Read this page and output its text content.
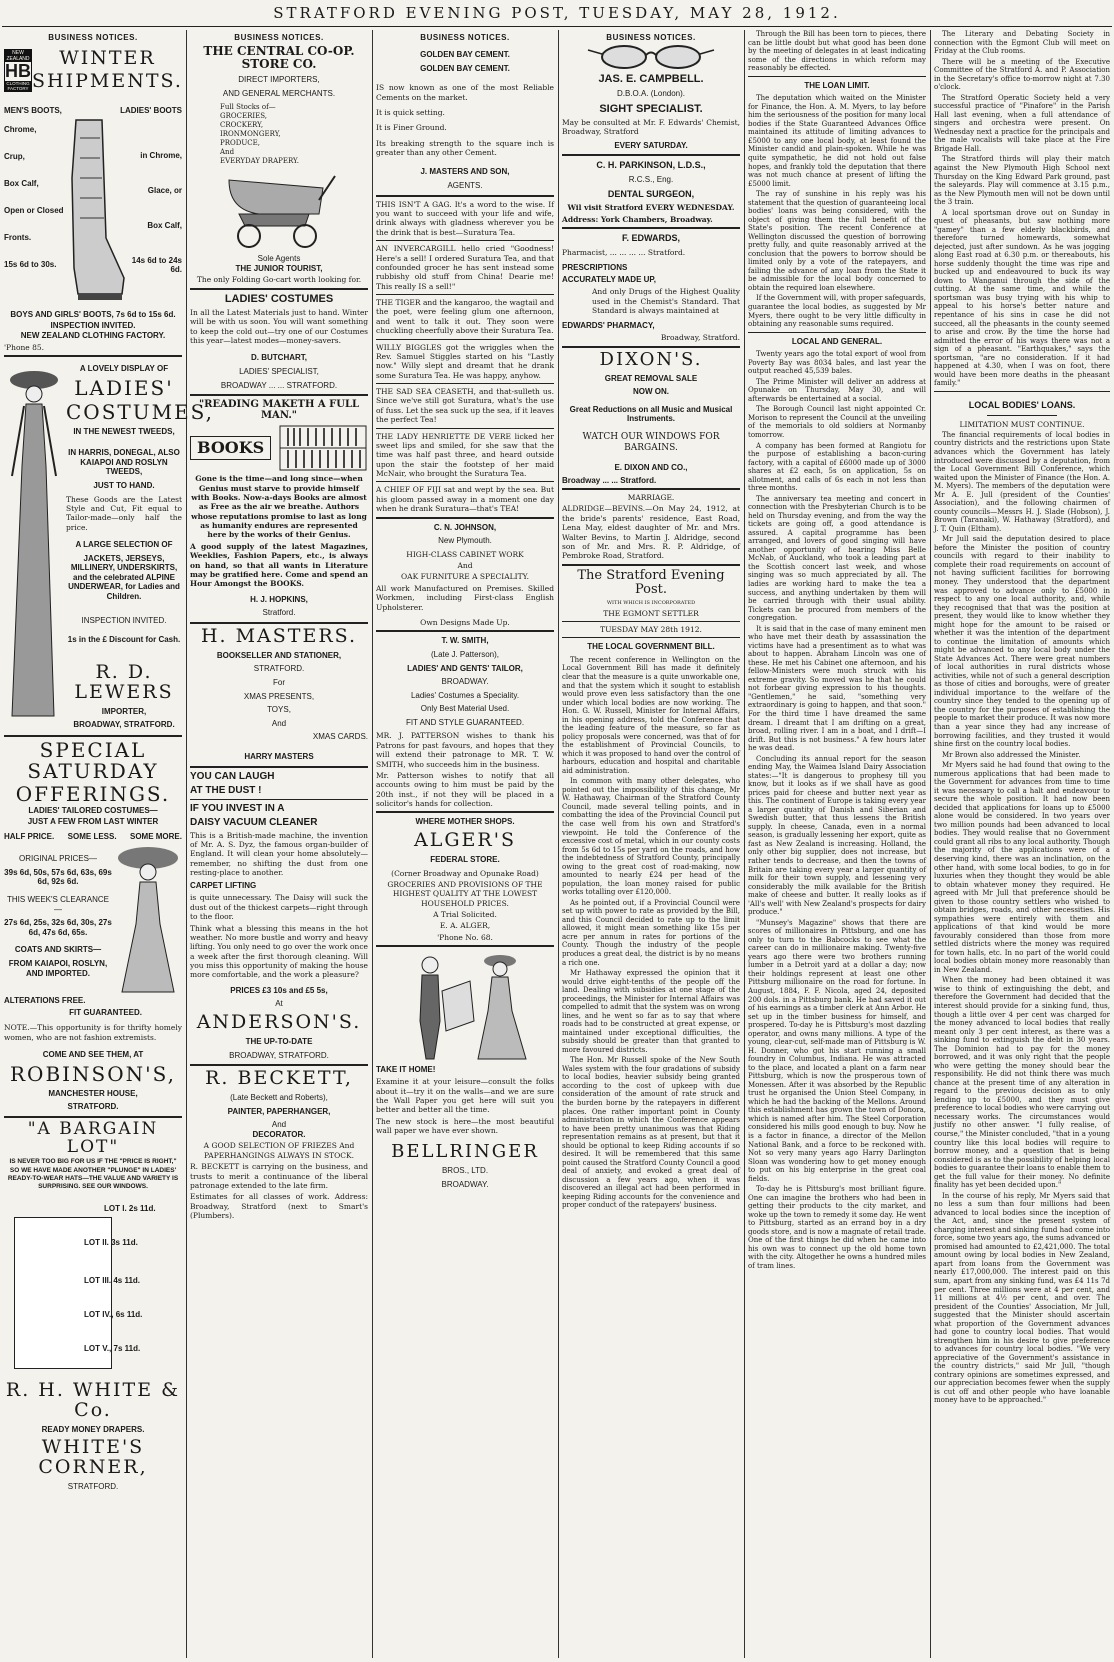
STRATFORD EVENING POST, TUESDAY, MAY 28, 1912.
BUSINESS NOTICES.
NEW ZEALAND
HB
CLOTHING FACTORY
WINTER
SHIPMENTS.
MEN'S BOOTS,	LADIES' BOOTS
Chrome,
Crup,
Box Calf,
Open or Closed
Fronts.
15s 6d to 30s.
in Chrome,
Glace, or
Box Calf,
14s 6d to 24s 6d.
BOYS AND GIRLS' BOOTS, 7s 6d to 15s 6d.
INSPECTION INVITED.
NEW ZEALAND CLOTHING FACTORY.
'Phone 85.
A LOVELY DISPLAY OF
LADIES'
COSTUMES,
IN THE NEWEST TWEEDS,
IN HARRIS, DONEGAL, ALSO KAIAPOI AND ROSLYN TWEEDS,
JUST TO HAND.
These Goods are the Latest Style and Cut, Fit equal to Tailor-made—only half the price.
A LARGE SELECTION OF
JACKETS, JERSEYS, MILLINERY, UNDERSKIRTS, and the celebrated ALPINE UNDERWEAR, for Ladies and Children.
INSPECTION INVITED.
1s in the £ Discount for Cash.
R. D. LEWERS
IMPORTER,
BROADWAY, STRATFORD.
SPECIAL SATURDAY
OFFERINGS.
LADIES' TAILORED COSTUMES—
JUST A FEW FROM LAST WINTER
HALF PRICE. SOME LESS. SOME MORE.
ORIGINAL PRICES—
39s 6d, 50s, 57s 6d, 63s, 69s 6d, 92s 6d.
THIS WEEK'S CLEARANCE—
27s 6d, 25s, 32s 6d, 30s, 27s 6d, 47s 6d, 65s.
COATS AND SKIRTS—
FROM KAIAPOI, ROSLYN, AND IMPORTED.
ALTERATIONS FREE.
FIT GUARANTEED.
NOTE.—This opportunity is for thrifty homely women, who are not fashion extremists.
COME AND SEE THEM, AT
ROBINSON'S,
MANCHESTER HOUSE,
STRATFORD.
"A BARGAIN LOT"
IS NEVER TOO BIG FOR US IF THE "PRICE IS RIGHT," SO WE HAVE MADE ANOTHER "PLUNGE" IN LADIES' READY-TO-WEAR HATS—THE VALUE AND VARIETY IS SURPRISING. SEE OUR WINDOWS.
LOT I. 2s 11d.
LOT II. 3s 11d.
LOT III. 4s 11d.
LOT IV., 6s 11d.
LOT V., 7s 11d.
R. H. WHITE & Co.
READY MONEY DRAPERS.
WHITE'S CORNER,
STRATFORD.
BUSINESS NOTICES.
THE CENTRAL CO-OP. STORE CO.
DIRECT IMPORTERS,
AND GENERAL MERCHANTS.
Full Stocks of—
GROCERIES,
CROCKERY,
IRONMONGERY,
PRODUCE,
And
EVERYDAY DRAPERY.
Sole Agents
THE JUNIOR TOURIST,
The only Folding Go-cart worth looking for.
LADIES' COSTUMES
In all the Latest Materials just to hand. Winter will be with us soon. You will want something to keep the cold out—try one of our Costumes this year—latest modes—money-savers.
D. BUTCHART,
LADIES' SPECIALIST,
BROADWAY ... ... STRATFORD.
"READING MAKETH A FULL MAN."
BOOKS
Gone is the time—and long since—when Genius must starve to provide himself with Books. Now-a-days Books are almost as Free as the air we breathe. Authors whose reputations promise to last as long as humanity endures are represented here by the works of their Genius.
A good supply of the latest Magazines, Weeklies, Fashion Papers, etc., is always on hand, so that all wants in Literature may be gratified here. Come and spend an Hour Amongst the BOOKS.
H. J. HOPKINS,
Stratford.
H. MASTERS.
BOOKSELLER AND STATIONER,
STRATFORD.
For
XMAS PRESENTS,
TOYS,
And
XMAS CARDS.
HARRY MASTERS
YOU CAN LAUGH
AT THE DUST !
IF YOU INVEST IN A
DAISY VACUUM CLEANER
This is a British-made machine, the invention of Mr. A. S. Dyz, the famous organ-builder of England. It will clean your home absolutely—remember, no shifting the dust from one resting-place to another.
CARPET LIFTING
is quite unnecessary. The Daisy will suck the dust out of the thickest carpets—right through to the floor.
Think what a blessing this means in the hot weather. No more bustle and worry and heavy lifting. You only need to go over the work once a week after the first thorough cleaning. Will you miss this opportunity of making the house more comfortable, and the work a pleasure?
PRICES £3 10s and £5 5s,
At
ANDERSON'S.
THE UP-TO-DATE
BROADWAY, STRATFORD.
R. BECKETT,
(Late Beckett and Roberts),
PAINTER, PAPERHANGER,
And
DECORATOR.
A GOOD SELECTION OF FRIEZES And PAPERHANGINGS ALWAYS IN STOCK.
R. BECKETT is carrying on the business, and trusts to merit a continuance of the liberal patronage extended to the late firm.
Estimates for all classes of work. Address: Broadway, Stratford (next to Smart's (Plumbers).
BUSINESS NOTICES.
GOLDEN BAY CEMENT.
GOLDEN BAY CEMENT.
IS now known as one of the most Reliable Cements on the market.
It is quick setting.
It is Finer Ground.
Its breaking strength to the square inch is greater than any other Cement.
J. MASTERS AND SON,
AGENTS.
THIS ISN'T A GAG. It's a word to the wise. If you want to succeed with your life and wife, drink always with gladness wherever you be the drink that is best—Suratura Tea.
AN INVERCARGILL hello cried "Goodness! Here's a sell! I ordered Suratura Tea, and that confounded grocer he has sent instead some rubbishy old stuff from China! Dearie me! This really IS a sell!"
THE TIGER and the kangaroo, the wagtail and the poet, were feeling glum one afternoon, and went to talk it out. They soon were chuckling cheerfully above their Suratura Tea.
WILLY BIGGLES got the wriggles when the Rev. Samuel Stiggles started on his "Lastly now." Willy slept and dreamt that he drank some Suratura Tea. He was happy, anyhow.
THE SAD SEA CEASETH, and that-sulleth us. Since we've still got Suratura, what's the use of fuss. Let the sea suck up the sea, if it leaves the perfect Tea!
THE LADY HENRIETTE DE VERE licked her sweet lips and smiled, for she saw that the time was half past three, and heard outside upon the stair the footstep of her maid McNair, who brought the Suratura Tea.
A CHIEF OF FIJI sat and wept by the sea. But his gloom passed away in a moment one day when he drank Suratura—that's TEA!
C. N. JOHNSON,
New Plymouth.
HIGH-CLASS CABINET WORK
And
OAK FURNITURE A SPECIALITY.
All work Manufactured on Premises. Skilled Workmen, including First-class English Upholsterer.
Own Designs Made Up.
T. W. SMITH,
(Late J. Patterson),
LADIES' AND GENTS' TAILOR,
BROADWAY.
Ladies' Costumes a Speciality.
Only Best Material Used.
FIT AND STYLE GUARANTEED.
MR. J. PATTERSON wishes to thank his Patrons for past favours, and hopes that they will extend their patronage to MR. T. W. SMITH, who succeeds him in the business.
Mr. Patterson wishes to notify that all accounts owing to him must be paid by the 20th inst., if not they will be placed in a solicitor's hands for collection.
WHERE MOTHER SHOPS.
ALGER'S
FEDERAL STORE.
(Corner Broadway and Opunake Road)
GROCERIES AND PROVISIONS OF THE HIGHEST QUALITY AT THE LOWEST HOUSEHOLD PRICES.
A Trial Solicited.
E. A. ALGER,
'Phone No. 68.
TAKE IT HOME!
Examine it at your leisure—consult the folks about it—try it on the walls—and we are sure the Wall Paper you get here will suit you better and better all the time.
The new stock is here—the most beautiful wall paper we have ever shown.
BELLRINGER
BROS., LTD.
BROADWAY.
BUSINESS NOTICES.
JAS. E. CAMPBELL.
D.B.O.A. (London).
SIGHT SPECIALIST.
May be consulted at Mr. F. Edwards' Chemist, Broadway, Stratford
EVERY SATURDAY.
C. H. PARKINSON, L.D.S.,
R.C.S., Eng.
DENTAL SURGEON,
Wil visit Stratford EVERY WEDNESDAY.
Address: York Chambers, Broadway.
F. EDWARDS,
Pharmacist, ... ... ... ... Stratford.
PRESCRIPTIONS
ACCURATELY MADE UP,
And only Drugs of the Highest Quality used in the Chemist's Standard. That Standard is always maintained at
EDWARDS' PHARMACY,
Broadway, Stratford.
DIXON'S.
GREAT REMOVAL SALE
NOW ON.
Great Reductions on all Music and Musical Instruments.
WATCH OUR WINDOWS FOR BARGAINS.
E. DIXON AND CO.,
Broadway ... ... Stratford.
MARRIAGE.
ALDRIDGE—BEVINS.—On May 24, 1912, at the bride's parents' residence, East Road, Lena May, eldest daughter of Mr. and Mrs. Walter Bevins, to Martin J. Aldridge, second son of Mr. and Mrs. R. P. Aldridge, of Pembroke Road, Stratford.
The Stratford Evening Post.
WITH WHICH IS INCORPORATED
THE EGMONT SETTLER
TUESDAY MAY 28th 1912.
THE LOCAL GOVERNMENT BILL.
The recent conference in Wellington on the Local Government Bill has made it definitely clear that the measure is a quite unworkable one, and that the system which it sought to establish would prove even less satisfactory than the one under which local bodies are now working. The Hon. G. W. Russell, Minister for Internal Affairs, in his opening address, told the Conference that the leading feature of the measure, so far as policy proposals were concerned, was that of for the establishment of Provincial Councils, to which it was proposed to hand over the control of harbours, education and hospital and charitable aid administration.
In common with many other delegates, who pointed out the impossibility of this change, Mr W. Hathaway, Chairman of the Stratford County Council, made several telling points, and in combatting the idea of the Provincial Council put the case well from his own and Stratford's viewpoint. He told the Conference of the excessive cost of metal, which in our county costs from 5s 6d to 15s per yard on the roads, and how the indebtedness of Stratford County, principally owing to the great cost of road-making, now amounted to nearly £24 per head of the population, the loan money raised for public works totalling over £120,000.
As he pointed out, if a Provincial Council were set up with power to rate as provided by the Bill, and this Council decided to rate up to the limit allowed, it might mean something like 15s per acre per annum in rates for portions of the County. Though the industry of the people produces a great deal, the district is by no means a rich one.
Mr Hathaway expressed the opinion that it would drive eight-tenths of the people off the land. Dealing with subsidies at one stage of the proceedings, the Minister for Internal Affairs was compelled to admit that the system was on wrong lines, and he went so far as to say that where roads had to be constructed at great expense, or maintained under exceptional difficulties, the subsidy should be greater than that granted to more favoured districts.
The Hon. Mr Russell spoke of the New South Wales system with the four gradations of subsidy to local bodies, heavier subsidy being granted according to the cost of upkeep with due consideration of the amount of rate struck and the burden borne by the ratepayers in different places. One rather important point in County administration in which the Conference appears to have been pretty unanimous was that Riding representation remains as at present, but that it should be optional to keep Riding accounts if so desired. It will be remembered that this same point caused the Stratford County Council a good deal of anxiety, and evoked a great deal of discussion a few years ago, when it was discovered an illegal act had been performed in keeping Riding accounts for the convenience and proper conduct of the ratepayers' business.
Through the Bill has been torn to pieces, there can be little doubt but what good has been done by the meeting of delegates in at least indicating some of the directions in which reform may reasonably be effected.
THE LOAN LIMIT.
The deputation which waited on the Minister for Finance, the Hon. A. M. Myers, to lay before him the seriousness of the position for many local bodies if the State Guaranteed Advances Office maintained its attitude of limiting advances to £5000 to any one local body, at least found the Minister candid and plain-spoken. While he was quite sympathetic, he did not hold out false hopes, and frankly told the deputation that there was not much chance at present of lifting the £5000 limit.
The ray of sunshine in his reply was his statement that the question of guaranteeing local bodies' loans was being considered, with the object of giving them the full benefit of the State's position. The recent Conference at Wellington discussed the question of borrowing pretty fully, and quite reasonably arrived at the conclusion that the powers to borrow should be limited only by a vote of the ratepayers, and failing the advance of any loan from the State it be admissible for the local body concerned to obtain the required loan elsewhere.
If the Government will, with proper safeguards, guarantee the local bodies, as suggested by Mr Myers, there ought to be very little difficulty in obtaining any reasonable sums required.
LOCAL AND GENERAL.
Twenty years ago the total export of wool from Poverty Bay was 8034 bales, and last year the output reached 45,539 bales.
The Prime Minister will deliver an address at Opunake on Thursday, May 30, and will afterwards be entertained at a social.
The Borough Council last night appointed Cr. Morison to represent the Council at the unveiling of the memorials to old soldiers at Normanby tomorrow.
A company has been formed at Rangiotu for the purpose of establishing a bacon-curing factory, with a capital of £6000 made up of 3000 shares at £2 each, 5s on application, 5s on allotment, and calls of 6s each in not less than three months.
The anniversary tea meeting and concert in connection with the Presbyterian Church is to be held on Thursday evening, and from the way the tickets are going off, a good attendance is assured. A capital programme has been arranged, and lovers of good singing will have another opportunity of hearing Miss Belle McNab, of Auckland, who took a leading part at the Scottish concert last week, and whose singing was so much appreciated by all. The ladies are working hard to make the tea a success, and anything undertaken by them will be carried through with their usual ability. Tickets can be procured from members of the congregation.
It is said that in the case of many eminent men who have met their death by assassination the victims have had a presentiment as to what was about to happen. Abraham Lincoln was one of these. He met his Cabinet one afternoon, and his fellow-Ministers were much struck with his extreme gravity. So moved was he that he could not forbear giving expression to his thoughts. "Gentlemen," he said, "something very extraordinary is going to happen, and that soon." For the third time I have dreamed the same dream. I dreamt that I am drifting on a great, broad, rolling river. I am in a boat, and I drift—I drift. But this is not business." A few hours later he was dead.
Concluding its annual report for the season ending May, the Waimea Island Dairy Association states:—"It is dangerous to prophesy till you know, but it looks as if we shall have as good prices paid for cheese and butter next year as this. The continent of Europe is taking every year a larger quantity of Danish and Siberian and Swedish butter, that thus lessens the British supply. In cheese, Canada, even in a normal season, is gradually lessening her export, quite as fast as New Zealand is increasing. Holland, the only other big supplier, does not increase, but rather tends to decrease, and then the towns of Britain are taking every year a larger quantity of milk for their town supply, and lessening very considerably the milk available for the British make of cheese and butter. It really looks as if 'All's well' with New Zealand's prospects for dairy produce."
"Munsey's Magazine" shows that there are scores of millionaires in Pittsburg, and one has only to turn to the Babcocks to see what the career can do in millionaire making. Twenty-five years ago there were two brothers running lumber in a Detroit yard at a dollar a day; now their holdings represent at least one other Pittsburg millionaire on the road for fortune. In August, 1884, F. F. Nicola, aged 24, deposited 200 dols. in a Pittsburg bank. He had saved it out of his earnings as a timber clerk at Ann Arbor. He set up in the timber business for himself, and prospered. To-day he is Pittsburg's most dazzling operator, and owns many millions. A type of the young, clear-cut, self-made man of Pittsburg is W. H. Donner, who got his start running a small foundry in Columbus, Indiana. He was attracted to the place, and located a plant on a farm near Pittsburg, which is now the prosperous town of Monessen. After it was absorbed by the Republic trust he organised the Union Steel Company, in which he had the backing of the Mellons. Around this establishment has grown the town of Donora, which is named after him. The Steel Corporation considered his mills good enough to buy. Now he is a factor in finance, a director of the Mellon National Bank, and a force to be reckoned with. Not so very many years ago Harry Darlington Sloan was wondering how to get money enough to put on his big enterprise in the great coal fields.
To-day he is Pittsburg's most brilliant figure. One can imagine the brothers who had been in getting their products to the city market, and woke up the town to remedy it some day. He went to Pittsburg, started as an errand boy in a dry goods store, and is now a magnate of retail trade. One of the first things he did when he came into his own was to connect up the old home town with the city. Altogether he owns a hundred miles of tram lines.
The Literary and Debating Society in connection with the Egmont Club will meet on Friday at the Club rooms.
There will be a meeting of the Executive Committee of the Stratford A. and P. Association in the Secretary's office to-morrow night at 7.30 o'clock.
The Stratford Operatic Society held a very successful practice of "Pinafore" in the Parish Hall last evening, when a full attendance of singers and orchestra were present. On Wednesday next a practice for the principals and the male vocalists will take place at the Fire Brigade Hall.
The Stratford thirds will play their match against the New Plymouth High School next Thursday on the King Edward Park ground, past the saleyards. Play will commence at 3.15 p.m., as the New Plymouth men will not be down until the 3 train.
A local sportsman drove out on Sunday in quest of pheasants, but saw nothing more "gamey" than a few elderly blackbirds, and therefore turned homewards, somewhat dejected, just after sundown. As he was jogging along East road at 6.30 p.m. or thereabouts, his horse suddenly thought the time was ripe and bucked up and endeavoured to buck its way down to Wanganui through the side of the cutting. At the same time, and while the sportsman was busy trying with his whip to appeal to his horse's better nature and repentance of his sins in case he did not succeed, all the pheasants in the county seemed to arise and crow. By the time the horse had admitted the error of his ways there was not a sign of a pheasant. "Earthquakes," says the sportsman, "are no consideration. If it had happened at 4.30, when I was on foot, there would have been more deaths in the pheasant family."
LOCAL BODIES' LOANS.
LIMITATION MUST CONTINUE.
The financial requirements of local bodies in country districts and the restrictions upon State advances which the Government has lately introduced were discussed by a deputation, from the Local Government Bill Conference, which waited upon the Minister of Finance (the Hon. A. M. Myers). The members of the deputation were Mr A. E. Jull (president of the Counties' Association), and the following chairmen of county councils—Messrs H. J. Slade (Hobson), J. Brown (Taranaki), W. Hathaway (Stratford), and J. T. Quin (Eltham).
Mr Jull said the deputation desired to place before the Minister the position of country councils with regard to their inability to complete their road requirements on account of not having sufficient facilities for borrowing money. They understood that the department was approved to advance only to £5000 in respect to any one local authority, and, while they recognised that that was the position at present, they would like to know whether they might hope for the amount to be raised or whether it was the intention of the department to continue the limitation of amounts which might be advanced to any local body under the State Advances Act. There were great numbers of local authorities in rural districts whose activities, while not of such a general description as those of cities and boroughs, were of greater individual importance to the welfare of the country since they tended to the opening up of the country for the purposes of establishing the people to market their produce. It was now more than a year since they had any increase of borrowing facilities, and they trusted it would shine first on the country local bodies.
Mr Brown also addressed the Minister.
Mr Myers said he had found that owing to the numerous applications that had been made to the Government for advances from time to time it was necessary to call a halt and endeavour to secure the whole position. It had now been decided that applications for loans up to £5000 alone would be considered. In two years over two million pounds had been advanced to local bodies. They would realise that no Government could grant all ribs to any local authority. Though the majority of the applications were of a deserving kind, there was an inclination, on the other hand, with some local bodies, to go in for luxuries when they thought they would be able to obtain whatever money they required. He agreed with Mr Jull that preference should be given to those country settlers who wished to obtain bridges, roads, and other necessities. His sympathies were entirely with them and applications of that kind would be more favourably considered than those from more settled districts where the money was required for town halls, etc. In no part of the world could local bodies obtain money more reasonably than in New Zealand.
When the money had been obtained it was wise to think of extinguishing the debt, and therefore the Government had decided that the interest should provide for a sinking fund, thus, though a little over 4 per cent was charged for the money advanced to local bodies that really meant only 3 per cent interest, as there was a sinking fund to extinguish the debt in 30 years. The Dominion had to pay for the money borrowed, and it was only right that the people who were getting the money should bear the responsibility. He did not think there was much chance at the present time of any alteration in regard to the previous decision as to only lending up to £5000, and they must give preference to local bodies who were carrying out necessary works. The circumstances would justify no other answer. "I fully realise, of course," the Minister concluded, "that in a young country like this local bodies will require to borrow money, and a question that is being considered is as to the possibility of helping local bodies to guarantee their loans to enable them to get the full value for their money. No definite finality has yet been decided upon."
In the course of his reply, Mr Myers said that no less a sum than four millions had been advanced to local bodies since the inception of the Act, and, since the present system of charging interest and sinking fund had come into force, some two years ago, the sums advanced or promised had amounted to £2,421,000. The total amount owing by local bodies in New Zealand, apart from loans from the Government was nearly £17,000,000. The interest paid on this sum, apart from any sinking fund, was £4 11s 7d per cent. Three millions were at 4 per cent, and 11 millions at 4½ per cent, and over. The president of the Counties' Association, Mr Jull, suggested that the Minister should ascertain what proportion of the Government advances had gone to country local bodies. That would strengthen him in his desire to give preference to advances for country local bodies. "We very appreciative of the Government's assistance in the country districts," said Mr Jull, "though contrary opinions are sometimes expressed, and our appreciation becomes fewer when the supply is cut off and other people who have loanable money have to be approached."
